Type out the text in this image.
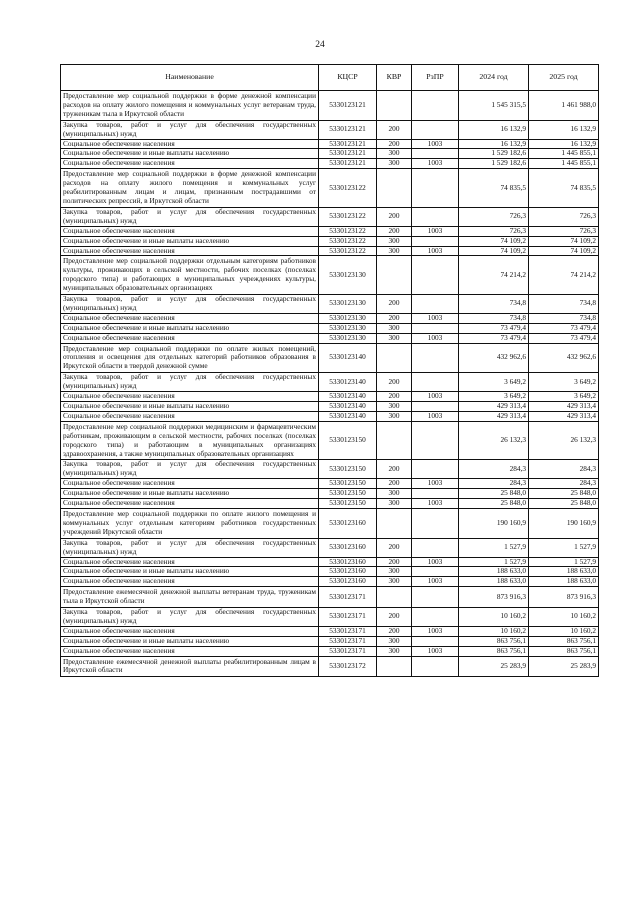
24
Наименование	КЦСР	КВР	РзПР	2024 год	2025 год
Предоставление мер социальной поддержки в форме денежной компенсации расходов на оплату жилого помещения и коммунальных услуг ветеранам труда, труженикам тыла в Иркутской области	5330123121			1 545 315,5	1 461 988,0
Закупка товаров, работ и услуг для обеспечения государственных (муниципальных) нужд	5330123121	200		16 132,9	16 132,9
Социальное обеспечение населения	5330123121	200	1003	16 132,9	16 132,9
Социальное обеспечение и иные выплаты населению	5330123121	300		1 529 182,6	1 445 855,1
Социальное обеспечение населения	5330123121	300	1003	1 529 182,6	1 445 855,1
Предоставление мер социальной поддержки в форме денежной компенсации расходов на оплату жилого помещения и коммунальных услуг реабилитированным лицам и лицам, признанным пострадавшими от политических репрессий, в Иркутской области	5330123122			74 835,5	74 835,5
Закупка товаров, работ и услуг для обеспечения государственных (муниципальных) нужд	5330123122	200		726,3	726,3
Социальное обеспечение населения	5330123122	200	1003	726,3	726,3
Социальное обеспечение и иные выплаты населению	5330123122	300		74 109,2	74 109,2
Социальное обеспечение населения	5330123122	300	1003	74 109,2	74 109,2
Предоставление мер социальной поддержки отдельным категориям работников культуры, проживающих в сельской местности, рабочих поселках (поселках городского типа) и работающих в муниципальных учреждениях культуры, муниципальных образовательных организациях	5330123130			74 214,2	74 214,2
Закупка товаров, работ и услуг для обеспечения государственных (муниципальных) нужд	5330123130	200		734,8	734,8
Социальное обеспечение населения	5330123130	200	1003	734,8	734,8
Социальное обеспечение и иные выплаты населению	5330123130	300		73 479,4	73 479,4
Социальное обеспечение населения	5330123130	300	1003	73 479,4	73 479,4
Предоставление мер социальной поддержки по оплате жилых помещений, отопления и освещения для отдельных категорий работников образования в Иркутской области в твердой денежной сумме	5330123140			432 962,6	432 962,6
Закупка товаров, работ и услуг для обеспечения государственных (муниципальных) нужд	5330123140	200		3 649,2	3 649,2
Социальное обеспечение населения	5330123140	200	1003	3 649,2	3 649,2
Социальное обеспечение и иные выплаты населению	5330123140	300		429 313,4	429 313,4
Социальное обеспечение населения	5330123140	300	1003	429 313,4	429 313,4
Предоставление мер социальной поддержки медицинским и фармацевтическим работникам, проживающим в сельской местности, рабочих поселках (поселках городского типа) и работающим в муниципальных организациях здравоохранения, а также муниципальных образовательных организациях	5330123150			26 132,3	26 132,3
Закупка товаров, работ и услуг для обеспечения государственных (муниципальных) нужд	5330123150	200		284,3	284,3
Социальное обеспечение населения	5330123150	200	1003	284,3	284,3
Социальное обеспечение и иные выплаты населению	5330123150	300		25 848,0	25 848,0
Социальное обеспечение населения	5330123150	300	1003	25 848,0	25 848,0
Предоставление мер социальной поддержки по оплате жилого помещения и коммунальных услуг отдельным категориям работников государственных учреждений Иркутской области	5330123160			190 160,9	190 160,9
Закупка товаров, работ и услуг для обеспечения государственных (муниципальных) нужд	5330123160	200		1 527,9	1 527,9
Социальное обеспечение населения	5330123160	200	1003	1 527,9	1 527,9
Социальное обеспечение и иные выплаты населению	5330123160	300		188 633,0	188 633,0
Социальное обеспечение населения	5330123160	300	1003	188 633,0	188 633,0
Предоставление ежемесячной денежной выплаты ветеранам труда, труженикам тыла в Иркутской области	5330123171			873 916,3	873 916,3
Закупка товаров, работ и услуг для обеспечения государственных (муниципальных) нужд	5330123171	200		10 160,2	10 160,2
Социальное обеспечение населения	5330123171	200	1003	10 160,2	10 160,2
Социальное обеспечение и иные выплаты населению	5330123171	300		863 756,1	863 756,1
Социальное обеспечение населения	5330123171	300	1003	863 756,1	863 756,1
Предоставление ежемесячной денежной выплаты реабилитированным лицам в Иркутской области	5330123172			25 283,9	25 283,9
